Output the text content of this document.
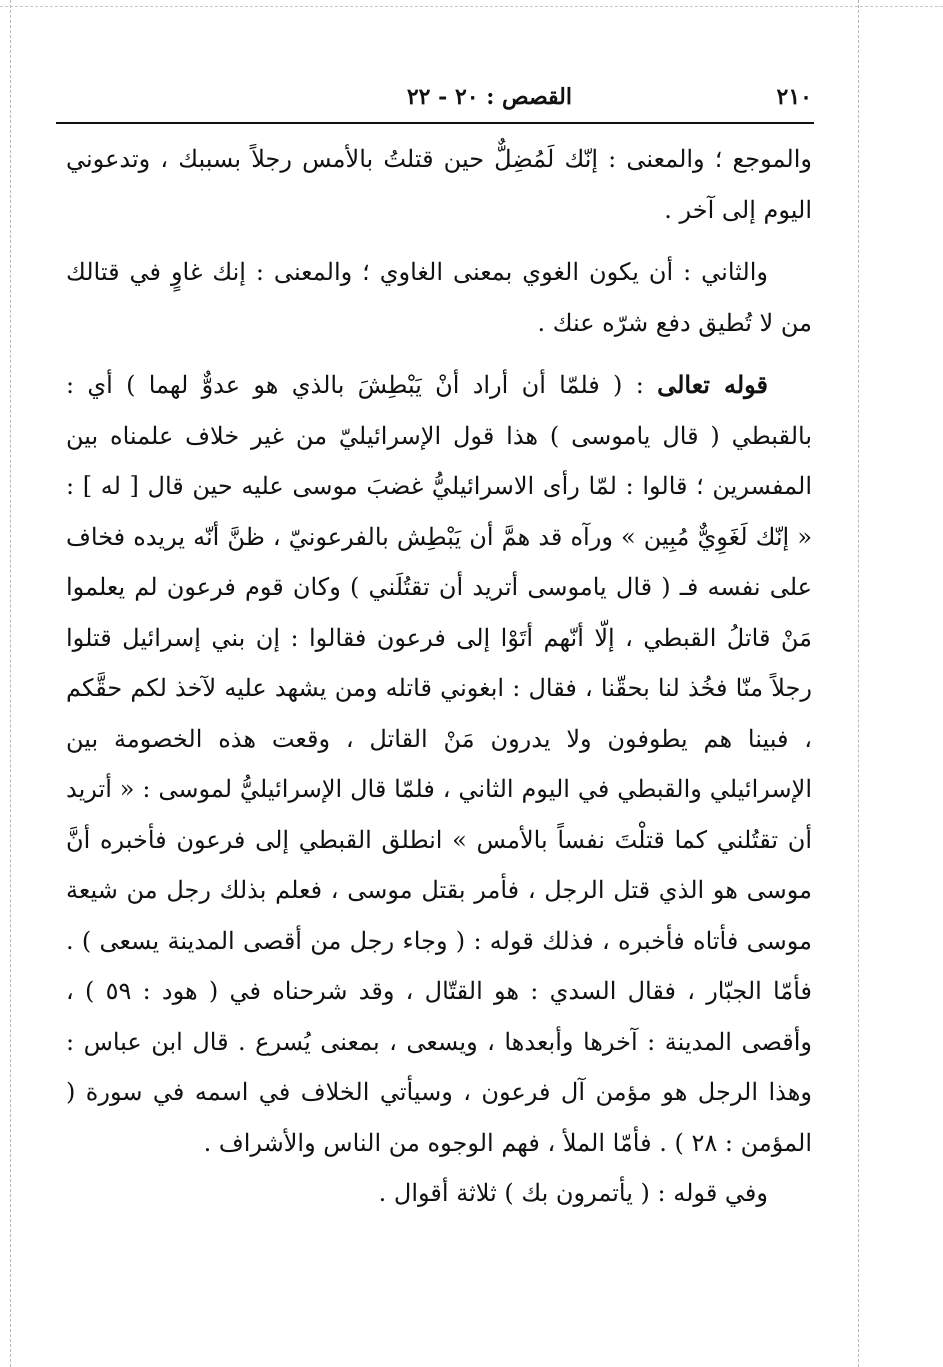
٢١٠
القصص : ٢٠ - ٢٢

والموجع ؛ والمعنى : إنّك لَمُضِلٌّ حين قتلتُ بالأمس رجلاً بسببك ، وتدعوني اليوم إلى آخر .

والثاني : أن يكون الغوي بمعنى الغاوي ؛ والمعنى : إنك غاوٍ في قتالك من لا تُطيق دفع شرّه عنك .

قوله تعالى : ( فلمّا أن أراد أنْ يَبْطِشَ بالذي هو عدوٌّ لهما ) أي : بالقبطي ( قال ياموسى ) هذا قول الإسرائيليّ من غير خلاف علمناه بين المفسرين ؛ قالوا : لمّا رأى الاسرائيليُّ غضبَ موسى عليه حين قال [ له ] : « إنّك لَغَوِيٌّ مُبِين » ورآه قد همَّ أن يَبْطِش بالفرعونيّ ، ظنَّ أنّه يريده فخاف على نفسه فـ ( قال ياموسى أتريد أن تقتُلَني ) وكان قوم فرعون لم يعلموا مَنْ قاتلُ القبطي ، إلّا أنّهم أتَوْا إلى فرعون فقالوا : إن بني إسرائيل قتلوا رجلاً منّا فخُذ لنا بحقّنا ، فقال : ابغوني قاتله ومن يشهد عليه لآخذ لكم حقَّكم ، فبينا هم يطوفون ولا يدرون مَنْ القاتل ، وقعت هذه الخصومة بين الإسرائيلي والقبطي في اليوم الثاني ، فلمّا قال الإسرائيليُّ لموسى : « أتريد أن تقتُلني كما قتلْتَ نفساً بالأمس » انطلق القبطي إلى فرعون فأخبره أنَّ موسى هو الذي قتل الرجل ، فأمر بقتل موسى ، فعلم بذلك رجل من شيعة موسى فأتاه فأخبره ، فذلك قوله : ( وجاء رجل من أقصى المدينة يسعى ) . فأمّا الجبّار ، فقال السدي : هو القتّال ، وقد شرحناه في ( هود : ٥٩ ) ، وأقصى المدينة : آخرها وأبعدها ، ويسعى ، بمعنى يُسرع . قال ابن عباس : وهذا الرجل هو مؤمن آل فرعون ، وسيأتي الخلاف في اسمه في سورة ( المؤمن : ٢٨ ) . فأمّا الملأ ، فهم الوجوه من الناس والأشراف .

وفي قوله : ( يأتمرون بك ) ثلاثة أقوال .
